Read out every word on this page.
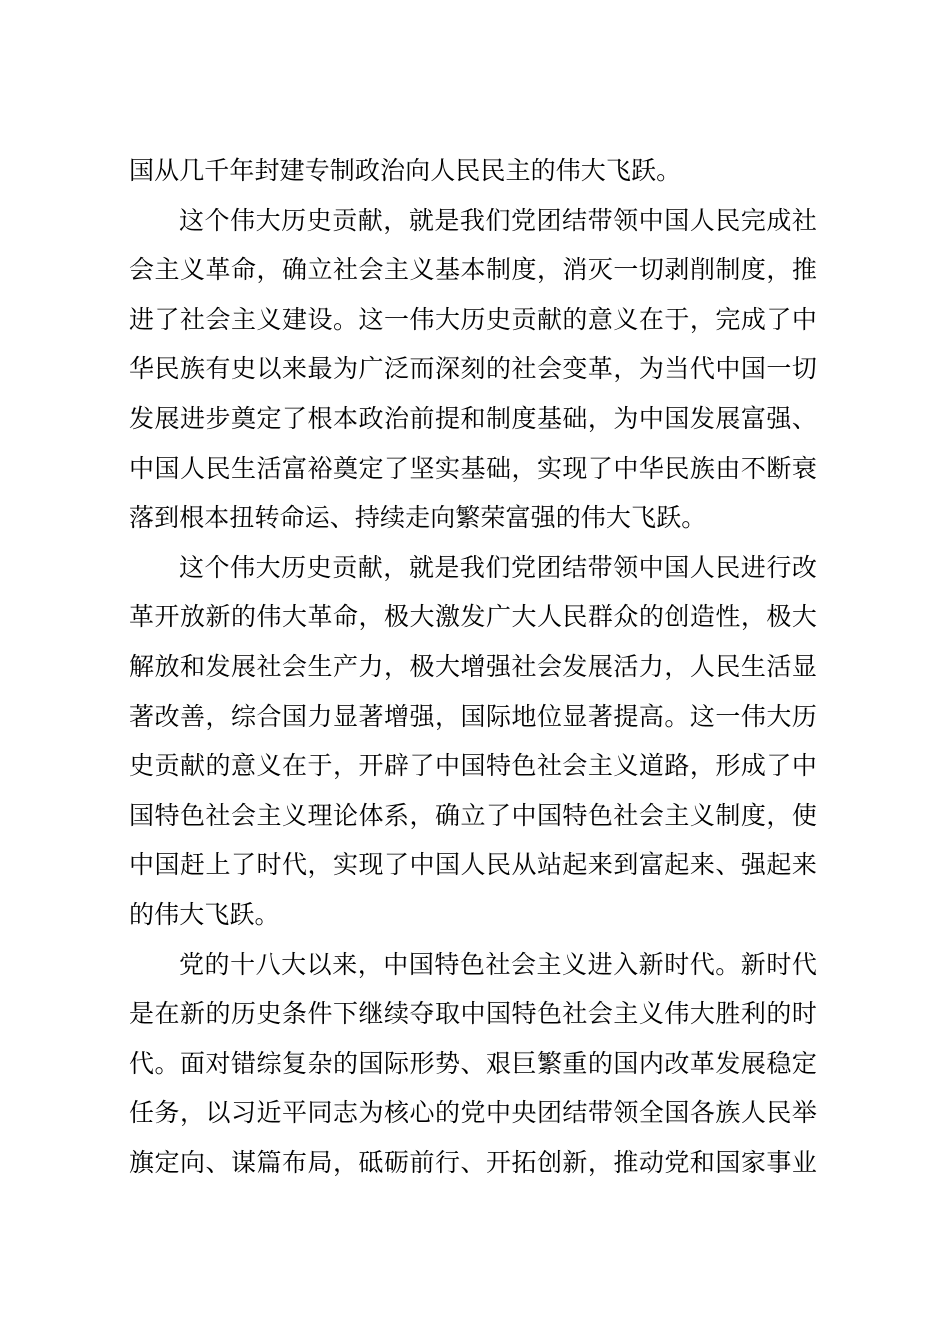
国从几千年封建专制政治向人民民主的伟大飞跃。
这个伟大历史贡献，就是我们党团结带领中国人民完成社
会主义革命，确立社会主义基本制度，消灭一切剥削制度，推
进了社会主义建设。这一伟大历史贡献的意义在于，完成了中
华民族有史以来最为广泛而深刻的社会变革，为当代中国一切
发展进步奠定了根本政治前提和制度基础，为中国发展富强、
中国人民生活富裕奠定了坚实基础，实现了中华民族由不断衰
落到根本扭转命运、持续走向繁荣富强的伟大飞跃。
这个伟大历史贡献，就是我们党团结带领中国人民进行改
革开放新的伟大革命，极大激发广大人民群众的创造性，极大
解放和发展社会生产力，极大增强社会发展活力，人民生活显
著改善，综合国力显著增强，国际地位显著提高。这一伟大历
史贡献的意义在于，开辟了中国特色社会主义道路，形成了中
国特色社会主义理论体系，确立了中国特色社会主义制度，使
中国赶上了时代，实现了中国人民从站起来到富起来、强起来
的伟大飞跃。
党的十八大以来，中国特色社会主义进入新时代。新时代
是在新的历史条件下继续夺取中国特色社会主义伟大胜利的时
代。面对错综复杂的国际形势、艰巨繁重的国内改革发展稳定
任务，以习近平同志为核心的党中央团结带领全国各族人民举
旗定向、谋篇布局，砥砺前行、开拓创新，推动党和国家事业
